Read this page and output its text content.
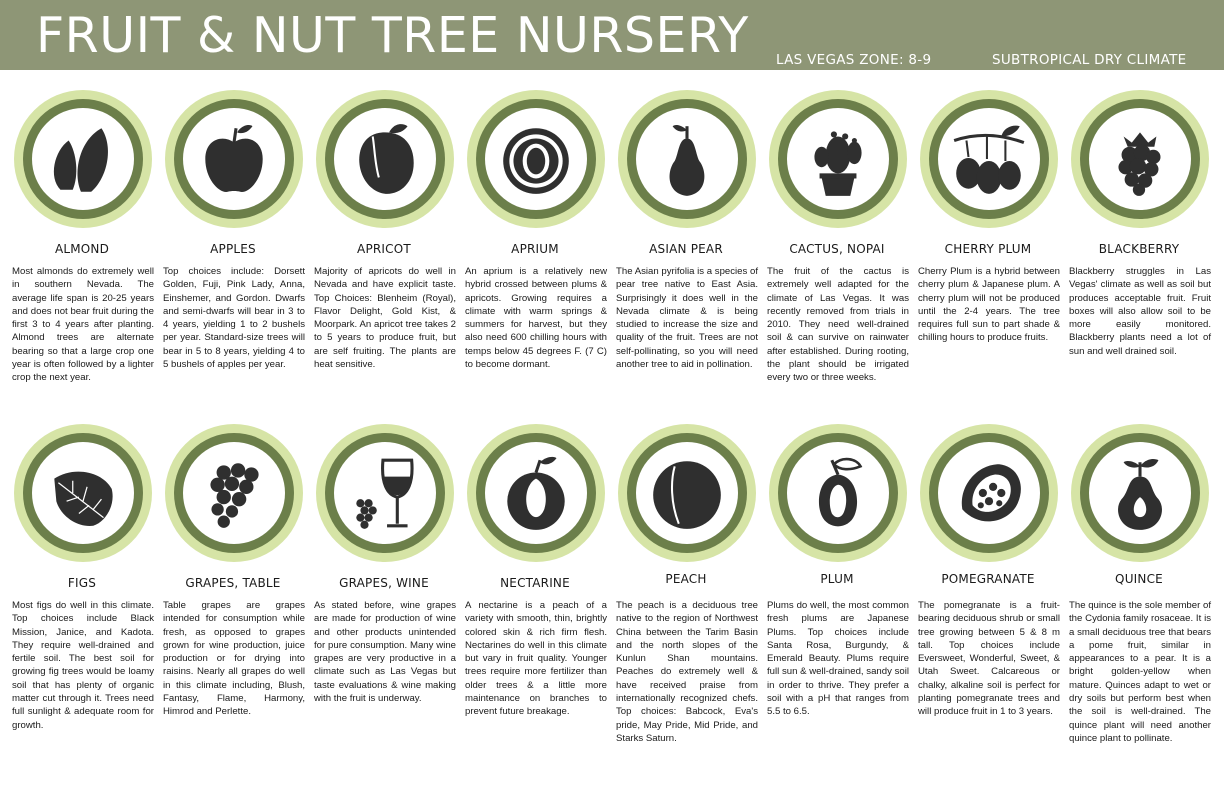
FRUIT & NUT TREE NURSERY LAS VEGAS ZONE: 8-9	SUBTROPICAL DRY CLIMATE
ALMOND
Most almonds do extremely well in southern Nevada. The average life span is 20-25 years and does not bear fruit during the first 3 to 4 years after planting. Almond trees are alternate bearing so that a large crop one year is often followed by a lighter crop the next year.
APPLES
Top choices include: Dorsett Golden, Fuji, Pink Lady, Anna, Einshemer, and Gordon. Dwarfs and semi-dwarfs will bear in 3 to 4 years, yielding 1 to 2 bushels per year. Standard-size trees will bear in 5 to 8 years, yielding 4 to 5 bushels of apples per year.
APRICOT
Majority of apricots do well in Nevada and have explicit taste. Top Choices: Blenheim (Royal), Flavor Delight, Gold Kist, & Moorpark. An apricot tree takes 2 to 5 years to produce fruit, but are self fruiting. The plants are heat sensitive.
APRIUM
An aprium is a relatively new hybrid crossed between plums & apricots. Growing requires a climate with warm springs & summers for harvest, but they also need 600 chilling hours with temps below 45 degrees F. (7 C) to become dormant.
ASIAN PEAR
The Asian pyrifolia is a species of pear tree native to East Asia. Surprisingly it does well in the Nevada climate & is being studied to increase the size and quality of the fruit. Trees are not self-pollinating, so you will need another tree to aid in pollination.
CACTUS, NOPAI
The fruit of the cactus is extremely well adapted for the climate of Las Vegas. It was recently removed from trials in 2010. They need well-drained soil & can survive on rainwater after established. During rooting, the plant should be irrigated every two or three weeks.
CHERRY PLUM
Cherry Plum is a hybrid between cherry plum & Japanese plum. A cherry plum will not be produced until the 2-4 years. The tree requires full sun to part shade & chilling hours to produce fruits.
BLACKBERRY
Blackberry struggles in Las Vegas' climate as well as soil but produces acceptable fruit. Fruit boxes will also allow soil to be more easily monitored. Blackberry plants need a lot of sun and well drained soil.
FIGS
Most figs do well in this climate. Top choices include Black Mission, Janice, and Kadota. They require well-drained and fertile soil. The best soil for growing fig trees would be loamy soil that has plenty of organic matter cut through it. Trees need full sunlight & adequate room for growth.
GRAPES, TABLE
Table grapes are grapes intended for consumption while fresh, as opposed to grapes grown for wine production, juice production or for drying into raisins. Nearly all grapes do well in this climate including, Blush, Fantasy, Flame, Harmony, Himrod and Perlette.
GRAPES, WINE
As stated before, wine grapes are made for production of wine and other products unintended for pure consumption. Many wine grapes are very productive in a climate such as Las Vegas but taste evaluations & wine making with the fruit is underway.
NECTARINE
A nectarine is a peach of a variety with smooth, thin, brightly colored skin & rich firm flesh. Nectarines do well in this climate but vary in fruit quality. Younger trees require more fertilizer than older trees & a little more maintenance on branches to prevent future breakage.
PEACH
The peach is a deciduous tree native to the region of Northwest China between the Tarim Basin and the north slopes of the Kunlun Shan mountains. Peaches do extremely well & have received praise from internationally recognized chefs. Top choices: Babcock, Eva's pride, May Pride, Mid Pride, and Starks Saturn.
PLUM
Plums do well, the most common fresh plums are Japanese Plums. Top choices include Santa Rosa, Burgundy, & Emerald Beauty. Plums require full sun & well-drained, sandy soil in order to thrive. They prefer a soil with a pH that ranges from 5.5 to 6.5.
POMEGRANATE
The pomegranate is a fruit-bearing deciduous shrub or small tree growing between 5 & 8 m tall. Top choices include Eversweet, Wonderful, Sweet, & Utah Sweet. Calcareous or chalky, alkaline soil is perfect for planting pomegranate trees and will produce fruit in 1 to 3 years.
QUINCE
The quince is the sole member of the Cydonia family rosaceae. It is a small deciduous tree that bears a pome fruit, similar in appearances to a pear. It is a bright golden-yellow when mature. Quinces adapt to wet or dry soils but perform best when the soil is well-drained. The quince plant will need another quince plant to pollinate.
